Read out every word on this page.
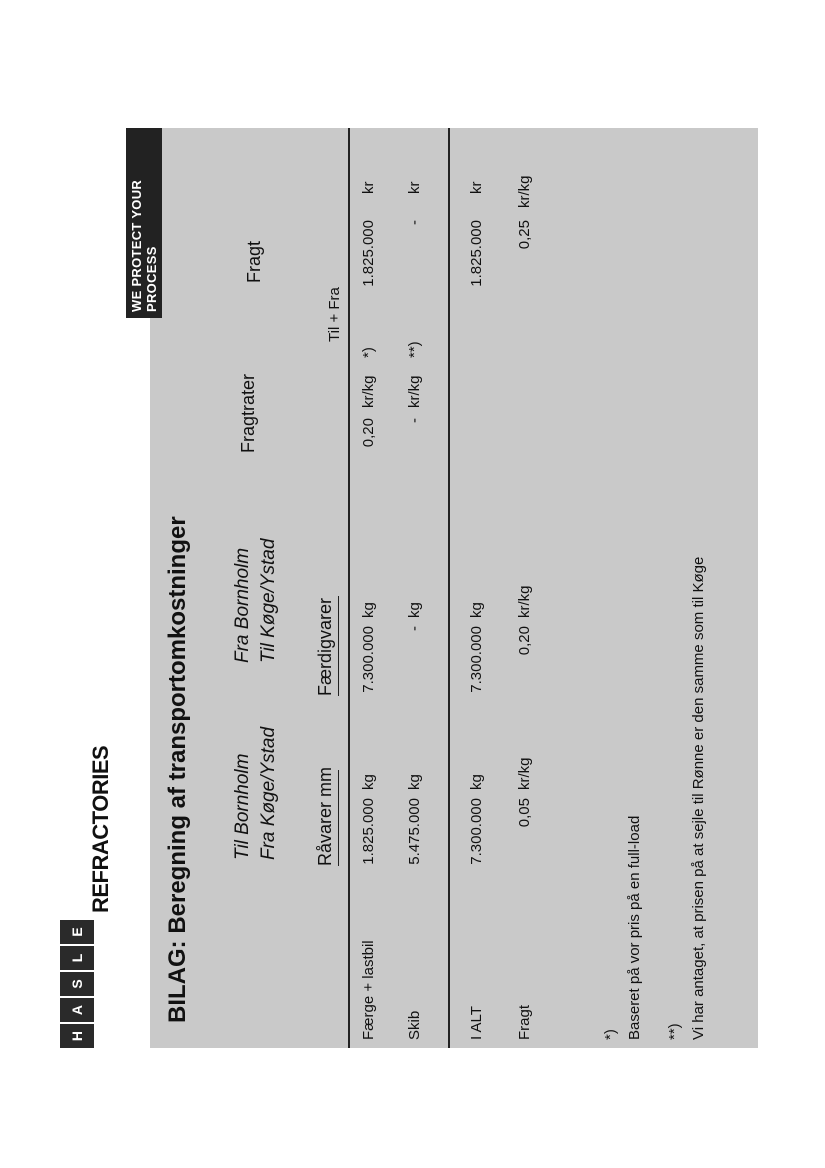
H
A
S
L
E
REFRACTORIES
WE PROTECT YOUR PROCESS
BILAG: Beregning af transportomkostninger Til Bornholm Fra Køge/Ystad
Fra Bornholm Til Køge/Ystad
Fragtrater
Fragt
Råvarer mm
Færdigvarer
Til + Fra
Færge + lastbil
1.825.000
kg
7.300.000
kg
0,20
kr/kg
*)
1.825.000
kr
Skib
5.475.000
kg
-
kg
-
kr/kg
**)
-
kr
I ALT
7.300.000
kg
7.300.000
kg
1.825.000
kr
Fragt
0,05
kr/kg
0,20
kr/kg
0,25
kr/kg
*) Baseret på vor pris på en full-load **) Vi har antaget, at prisen på at sejle til Rønne er den samme som til Køge
